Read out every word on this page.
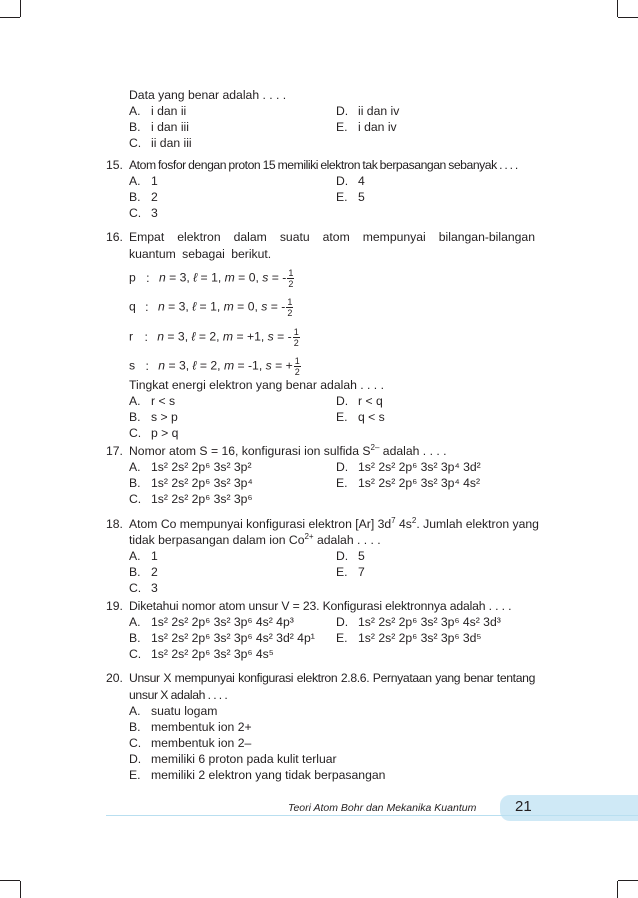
Data yang benar adalah . . . .
A. i dan ii	D. ii dan iv
B. i dan iii	E. i dan iv
C. ii dan iii
15. Atom fosfor dengan proton 15 memiliki elektron tak berpasangan sebanyak . . . .
A. 1	D. 4
B. 2	E. 5
C. 3
16. Empat elektron dalam suatu atom mempunyai bilangan-bilangan kuantum sebagai berikut.
p : n = 3, ℓ = 1, m = 0, s = - $\frac{1}{2}$
q : n = 3, ℓ = 1, m = 0, s = - $\frac{1}{2}$
r : n = 3, ℓ = 2, m = +1, s = - $\frac{1}{2}$
s : n = 3, ℓ = 2, m = -1, s = + $\frac{1}{2}$
Tingkat energi elektron yang benar adalah . . . .
A. r < s	D. r < q
B. s > p	E. q < s
C. p > q
17. Nomor atom S = 16, konfigurasi ion sulfida $S^{2-}$ adalah . . . .
A. 1s² 2s² 2p⁶ 3s² 3p²	D. 1s² 2s² 2p⁶ 3s² 3p⁴ 3d²
B. 1s² 2s² 2p⁶ 3s² 3p⁴	E. 1s² 2s² 2p⁶ 3s² 3p⁴ 4s²
C. 1s² 2s² 2p⁶ 3s² 3p⁶
18. Atom Co mempunyai konfigurasi elektron [Ar] $3d^7$ $4s^2$. Jumlah elektron yang
tidak berpasangan dalam ion $Co^{2+}$ adalah . . . .
A. 1	D. 5
B. 2	E. 7
C. 3
19. Diketahui nomor atom unsur V = 23. Konfigurasi elektronnya adalah . . . .
A. 1s² 2s² 2p⁶ 3s² 3p⁶ 4s² 4p³	D. 1s² 2s² 2p⁶ 3s² 3p⁶ 4s² 3d³
B. 1s² 2s² 2p⁶ 3s² 3p⁶ 4s² 3d² 4p¹ E. 1s² 2s² 2p⁶ 3s² 3p⁶ 3d⁵
C. 1s² 2s² 2p⁶ 3s² 3p⁶ 4s⁵
20. Unsur X mempunyai konfigurasi elektron 2.8.6. Pernyataan yang benar tentang unsur X adalah . . . .
A. suatu logam
B. membentuk ion 2+
C. membentuk ion 2–
D. memiliki 6 proton pada kulit terluar
E. memiliki 2 elektron yang tidak berpasangan
Teori Atom Bohr dan Mekanika Kuantum	21
